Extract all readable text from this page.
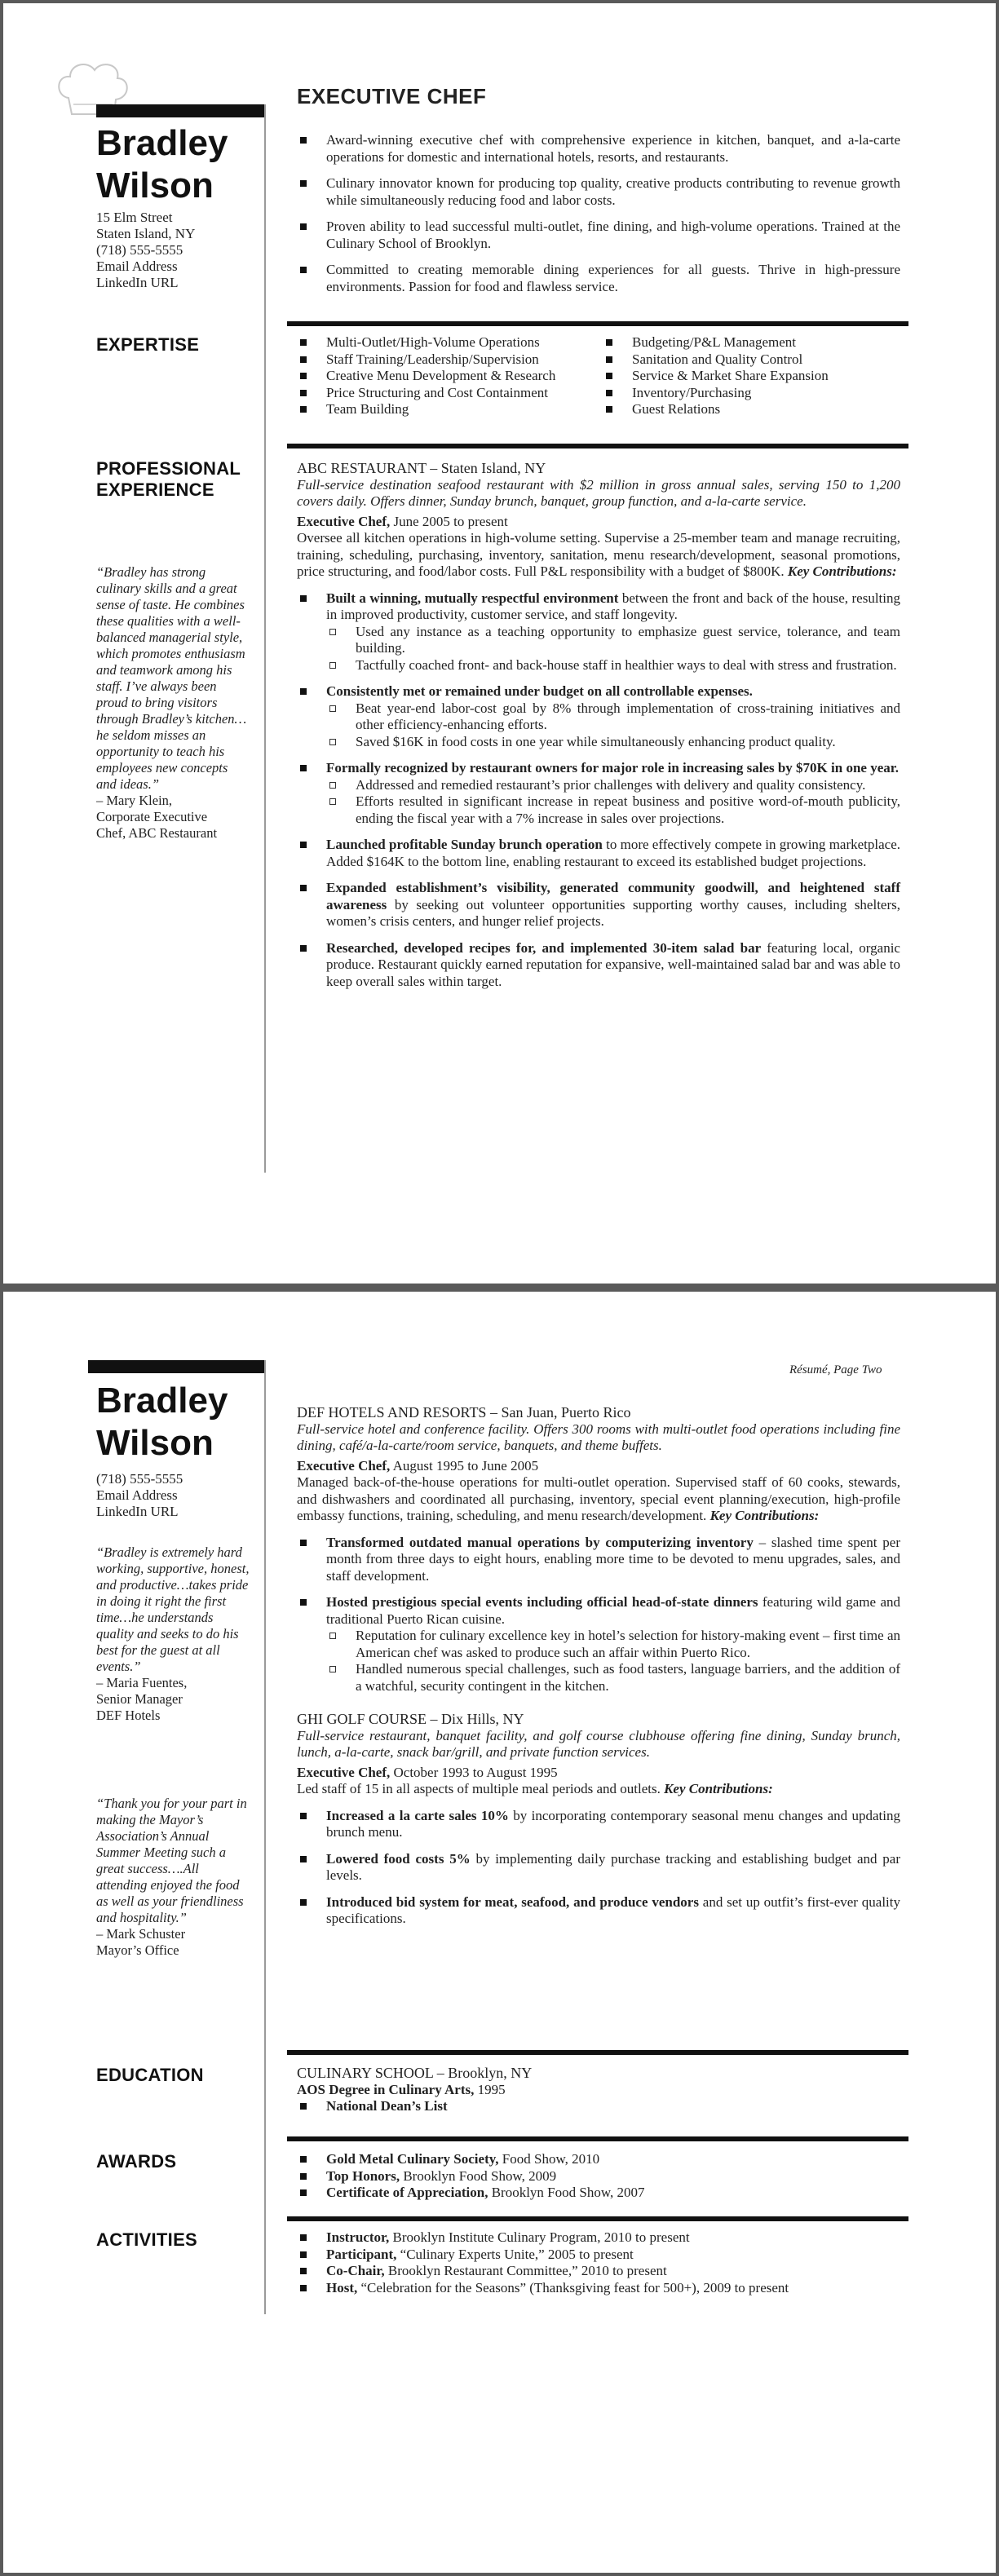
Bradley
Wilson
15 Elm Street
Staten Island, NY
(718) 555-5555
Email Address
LinkedIn URL
EXECUTIVE CHEF
Award-winning executive chef with comprehensive experience in kitchen, banquet, and a-la-carte operations for domestic and international hotels, resorts, and restaurants.
Culinary innovator known for producing top quality, creative products contributing to revenue growth while simultaneously reducing food and labor costs.
Proven ability to lead successful multi-outlet, fine dining, and high-volume operations. Trained at the Culinary School of Brooklyn.
Committed to creating memorable dining experiences for all guests. Thrive in high-pressure environments. Passion for food and flawless service.
EXPERTISE	Multi-Outlet/High-Volume Operations
Staff Training/Leadership/Supervision
Creative Menu Development & Research
Price Structuring and Cost Containment
Team Building
Budgeting/P&L Management
Sanitation and Quality Control
Service & Market Share Expansion
Inventory/Purchasing
Guest Relations
PROFESSIONAL
EXPERIENCE
“Bradley has strong culinary skills and a great sense of taste. He combines these qualities with a well-balanced managerial style, which promotes enthusiasm and teamwork among his staff. I’ve always been proud to bring visitors through Bradley’s kitchen…he seldom misses an opportunity to teach his employees new concepts and ideas.”
– Mary Klein,
Corporate Executive
Chef, ABC Restaurant
ABC RESTAURANT – Staten Island, NY
Full-service destination seafood restaurant with $2 million in gross annual sales, serving 150 to 1,200 covers daily. Offers dinner, Sunday brunch, banquet, group function, and a-la-carte service.
Executive Chef, June 2005 to present
Oversee all kitchen operations in high-volume setting. Supervise a 25-member team and manage recruiting, training, scheduling, purchasing, inventory, sanitation, menu research/development, seasonal promotions, price structuring, and food/labor costs. Full P&L responsibility with a budget of $800K. Key Contributions:
Built a winning, mutually respectful environment between the front and back of the house, resulting in improved productivity, customer service, and staff longevity.
Used any instance as a teaching opportunity to emphasize guest service, tolerance, and team building.
Tactfully coached front- and back-house staff in healthier ways to deal with stress and frustration.
Consistently met or remained under budget on all controllable expenses.
Beat year-end labor-cost goal by 8% through implementation of cross-training initiatives and other efficiency-enhancing efforts.
Saved $16K in food costs in one year while simultaneously enhancing product quality.
Formally recognized by restaurant owners for major role in increasing sales by $70K in one year.
Addressed and remedied restaurant’s prior challenges with delivery and quality consistency.
Efforts resulted in significant increase in repeat business and positive word-of-mouth publicity, ending the fiscal year with a 7% increase in sales over projections.
Launched profitable Sunday brunch operation to more effectively compete in growing marketplace. Added $164K to the bottom line, enabling restaurant to exceed its established budget projections.
Expanded establishment’s visibility, generated community goodwill, and heightened staff awareness by seeking out volunteer opportunities supporting worthy causes, including shelters, women’s crisis centers, and hunger relief projects.
Researched, developed recipes for, and implemented 30-item salad bar featuring local, organic produce. Restaurant quickly earned reputation for expansive, well-maintained salad bar and was able to keep overall sales within target.
Résumé, Page Two
Bradley
Wilson
(718) 555-5555
Email Address
LinkedIn URL
“Bradley is extremely hard working, supportive, honest, and productive…takes pride in doing it right the first time…he understands quality and seeks to do his best for the guest at all events.”
– Maria Fuentes,
Senior Manager
DEF Hotels
“Thank you for your part in making the Mayor’s Association’s Annual Summer Meeting such a great success….All attending enjoyed the food as well as your friendliness and hospitality.”
– Mark Schuster
Mayor’s Office
DEF HOTELS AND RESORTS – San Juan, Puerto Rico
Full-service hotel and conference facility. Offers 300 rooms with multi-outlet food operations including fine dining, café/a-la-carte/room service, banquets, and theme buffets.
Executive Chef, August 1995 to June 2005
Managed back-of-the-house operations for multi-outlet operation. Supervised staff of 60 cooks, stewards, and dishwashers and coordinated all purchasing, inventory, special event planning/execution, high-profile embassy functions, training, scheduling, and menu research/development. Key Contributions:
Transformed outdated manual operations by computerizing inventory – slashed time spent per month from three days to eight hours, enabling more time to be devoted to menu upgrades, sales, and staff development.
Hosted prestigious special events including official head-of-state dinners featuring wild game and traditional Puerto Rican cuisine.
Reputation for culinary excellence key in hotel’s selection for history-making event – first time an American chef was asked to produce such an affair within Puerto Rico.
Handled numerous special challenges, such as food tasters, language barriers, and the addition of a watchful, security contingent in the kitchen.
GHI GOLF COURSE – Dix Hills, NY
Full-service restaurant, banquet facility, and golf course clubhouse offering fine dining, Sunday brunch, lunch, a-la-carte, snack bar/grill, and private function services.
Executive Chef, October 1993 to August 1995
Led staff of 15 in all aspects of multiple meal periods and outlets. Key Contributions:
Increased a la carte sales 10% by incorporating contemporary seasonal menu changes and updating brunch menu.
Lowered food costs 5% by implementing daily purchase tracking and establishing budget and par levels.
Introduced bid system for meat, seafood, and produce vendors and set up outfit’s first-ever quality specifications.
EDUCATION	CULINARY SCHOOL – Brooklyn, NY
AOS Degree in Culinary Arts, 1995
National Dean’s List
AWARDS	Gold Metal Culinary Society, Food Show, 2010
Top Honors, Brooklyn Food Show, 2009
Certificate of Appreciation, Brooklyn Food Show, 2007
ACTIVITIES	Instructor, Brooklyn Institute Culinary Program, 2010 to present
Participant, “Culinary Experts Unite,” 2005 to present
Co-Chair, Brooklyn Restaurant Committee,” 2010 to present
Host, “Celebration for the Seasons” (Thanksgiving feast for 500+), 2009 to present
